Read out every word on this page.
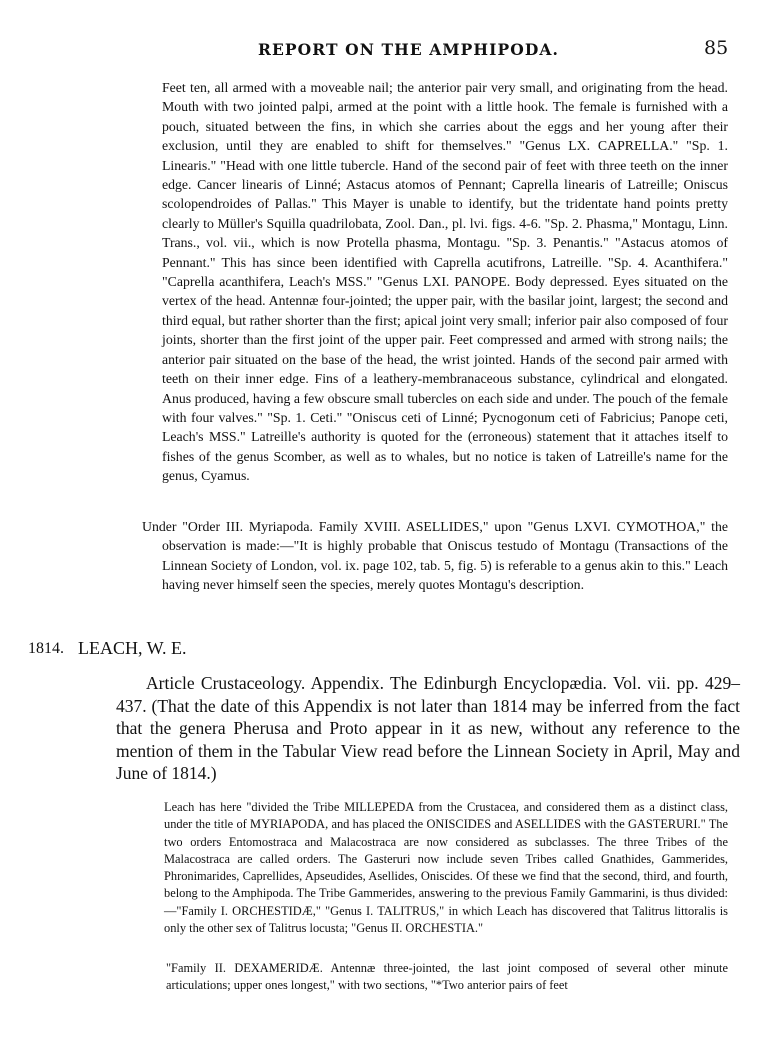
REPORT ON THE AMPHIPODA.	85

Feet ten, all armed with a moveable nail; the anterior pair very small, and originating from the head. Mouth with two jointed palpi, armed at the point with a little hook. The female is furnished with a pouch, situated between the fins, in which she carries about the eggs and her young after their exclusion, until they are enabled to shift for themselves." "Genus LX. CAPRELLA." "Sp. 1. Linearis." "Head with one little tubercle. Hand of the second pair of feet with three teeth on the inner edge. Cancer linearis of Linné; Astacus atomos of Pennant; Caprella linearis of Latreille; Oniscus scolopendroides of Pallas." This Mayer is unable to identify, but the tridentate hand points pretty clearly to Müller's Squilla quadrilobata, Zool. Dan., pl. lvi. figs. 4-6. "Sp. 2. Phasma," Montagu, Linn. Trans., vol. vii., which is now Protella phasma, Montagu. "Sp. 3. Penantis." "Astacus atomos of Pennant." This has since been identified with Caprella acutifrons, Latreille. "Sp. 4. Acanthifera." "Caprella acanthifera, Leach's MSS." "Genus LXI. PANOPE. Body depressed. Eyes situated on the vertex of the head. Antennæ four-jointed; the upper pair, with the basilar joint, largest; the second and third equal, but rather shorter than the first; apical joint very small; inferior pair also composed of four joints, shorter than the first joint of the upper pair. Feet compressed and armed with strong nails; the anterior pair situated on the base of the head, the wrist jointed. Hands of the second pair armed with teeth on their inner edge. Fins of a leathery-membranaceous substance, cylindrical and elongated. Anus produced, having a few obscure small tubercles on each side and under. The pouch of the female with four valves." "Sp. 1. Ceti." "Oniscus ceti of Linné; Pycnogonum ceti of Fabricius; Panope ceti, Leach's MSS." Latreille's authority is quoted for the (erroneous) statement that it attaches itself to fishes of the genus Scomber, as well as to whales, but no notice is taken of Latreille's name for the genus, Cyamus.

Under "Order III. Myriapoda. Family XVIII. ASELLIDES," upon "Genus LXVI. CYMOTHOA," the observation is made:—"It is highly probable that Oniscus testudo of Montagu (Transactions of the Linnean Society of London, vol. ix. page 102, tab. 5, fig. 5) is referable to a genus akin to this." Leach having never himself seen the species, merely quotes Montagu's description.

1814. LEACH, W. E.

Article Crustaceology. Appendix. The Edinburgh Encyclopædia. Vol. vii. pp. 429–437. (That the date of this Appendix is not later than 1814 may be inferred from the fact that the genera Pherusa and Proto appear in it as new, without any reference to the mention of them in the Tabular View read before the Linnean Society in April, May and June of 1814.)

Leach has here "divided the Tribe MILLEPEDA from the Crustacea, and considered them as a distinct class, under the title of MYRIAPODA, and has placed the ONISCIDES and ASELLIDES with the GASTERURI." The two orders Entomostraca and Malacostraca are now considered as subclasses. The three Tribes of the Malacostraca are called orders. The Gasteruri now include seven Tribes called Gnathides, Gammerides, Phronimarides, Caprellides, Apseudides, Asellides, Oniscides. Of these we find that the second, third, and fourth, belong to the Amphipoda. The Tribe Gammerides, answering to the previous Family Gammarini, is thus divided:—"Family I. ORCHESTIDÆ," "Genus I. TALITRUS," in which Leach has discovered that Talitrus littoralis is only the other sex of Talitrus locusta; "Genus II. ORCHESTIA."

"Family II. DEXAMERIDÆ. Antennæ three-jointed, the last joint composed of several other minute articulations; upper ones longest," with two sections, "*Two anterior pairs of feet
